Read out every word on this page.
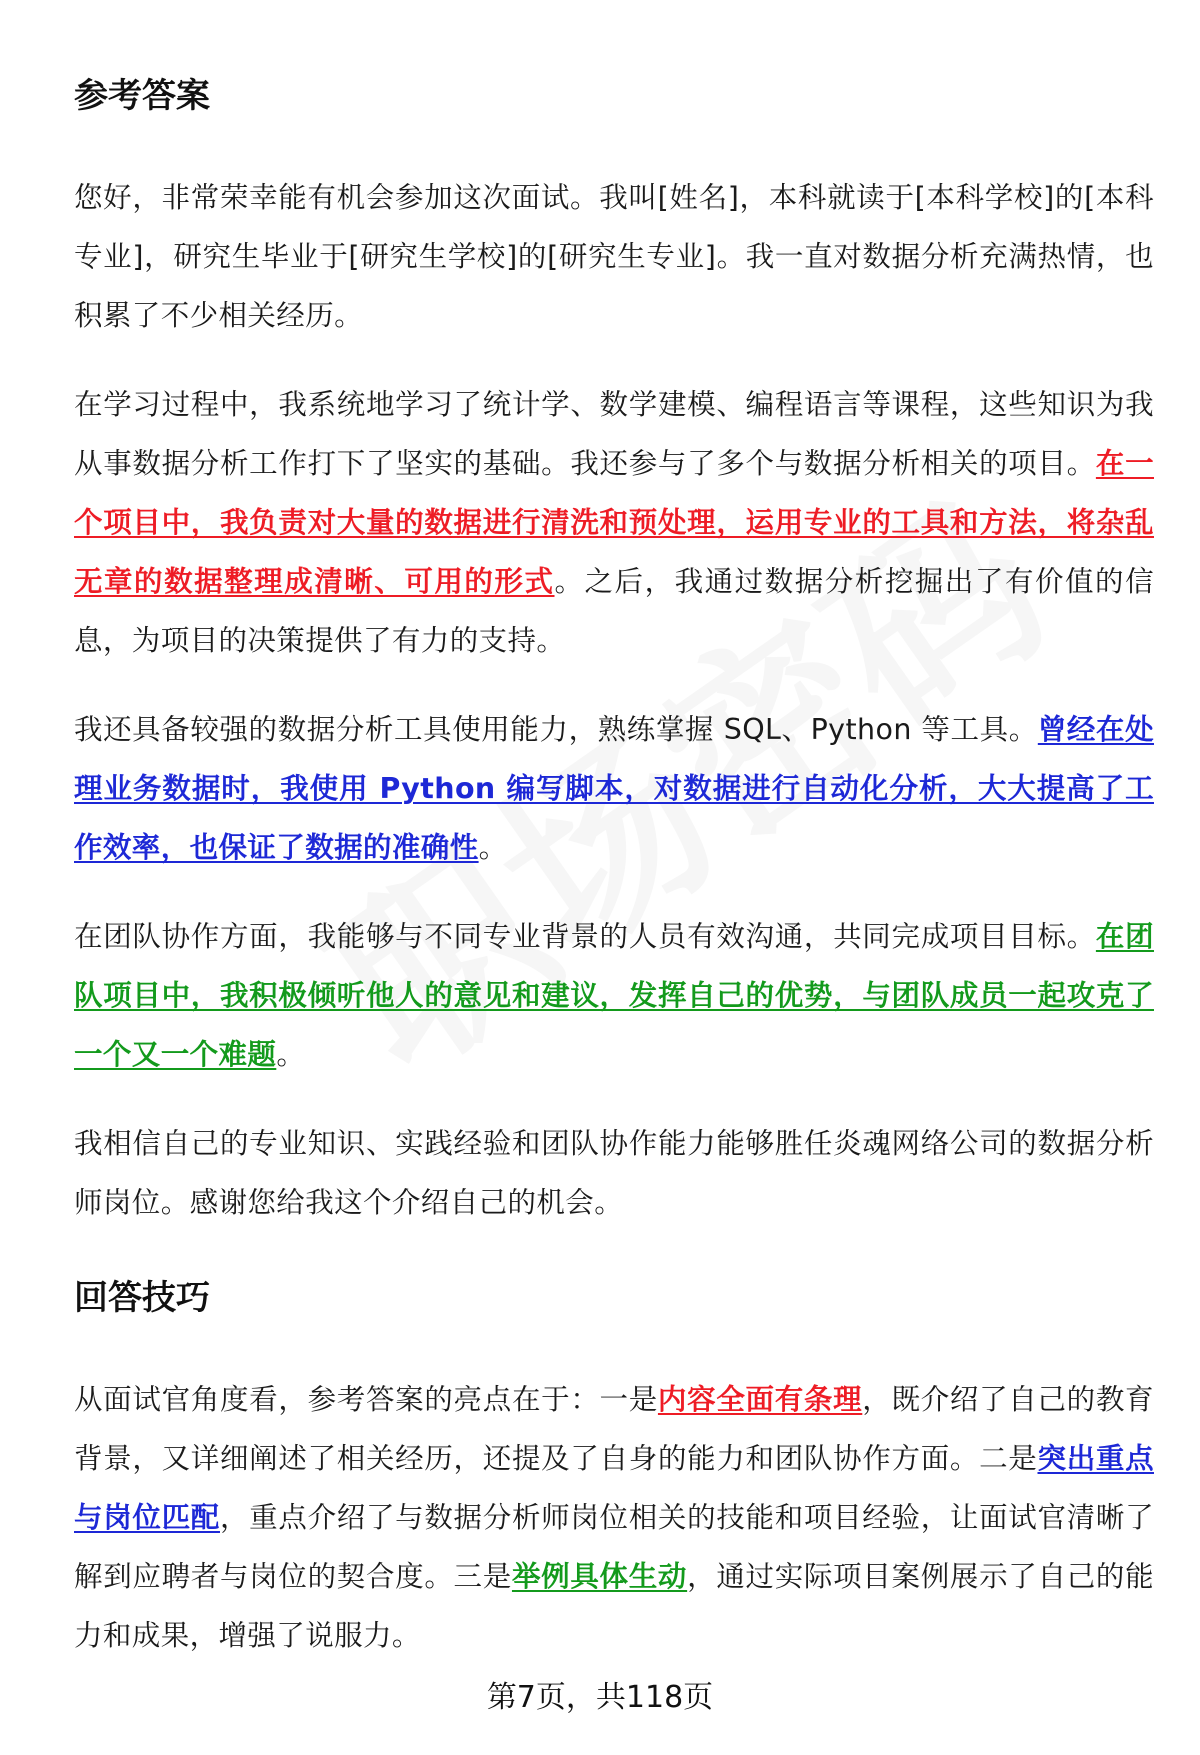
参考答案

您好，非常荣幸能有机会参加这次面试。我叫[姓名]，本科就读于[本科学校]的[本科专业]，研究生毕业于[研究生学校]的[研究生专业]。我一直对数据分析充满热情，也积累了不少相关经历。

在学习过程中，我系统地学习了统计学、数学建模、编程语言等课程，这些知识为我从事数据分析工作打下了坚实的基础。我还参与了多个与数据分析相关的项目。在一个项目中，我负责对大量的数据进行清洗和预处理，运用专业的工具和方法，将杂乱无章的数据整理成清晰、可用的形式。之后，我通过数据分析挖掘出了有价值的信息，为项目的决策提供了有力的支持。

我还具备较强的数据分析工具使用能力，熟练掌握 SQL、Python 等工具。曾经在处理业务数据时，我使用 Python 编写脚本，对数据进行自动化分析，大大提高了工作效率，也保证了数据的准确性。

在团队协作方面，我能够与不同专业背景的人员有效沟通，共同完成项目目标。在团队项目中，我积极倾听他人的意见和建议，发挥自己的优势，与团队成员一起攻克了一个又一个难题。

我相信自己的专业知识、实践经验和团队协作能力能够胜任炎魂网络公司的数据分析师岗位。感谢您给我这个介绍自己的机会。

回答技巧

从面试官角度看，参考答案的亮点在于：一是内容全面有条理，既介绍了自己的教育背景，又详细阐述了相关经历，还提及了自身的能力和团队协作方面。二是突出重点与岗位匹配，重点介绍了与数据分析师岗位相关的技能和项目经验，让面试官清晰了解到应聘者与岗位的契合度。三是举例具体生动，通过实际项目案例展示了自己的能力和成果，增强了说服力。

第7页，共118页
